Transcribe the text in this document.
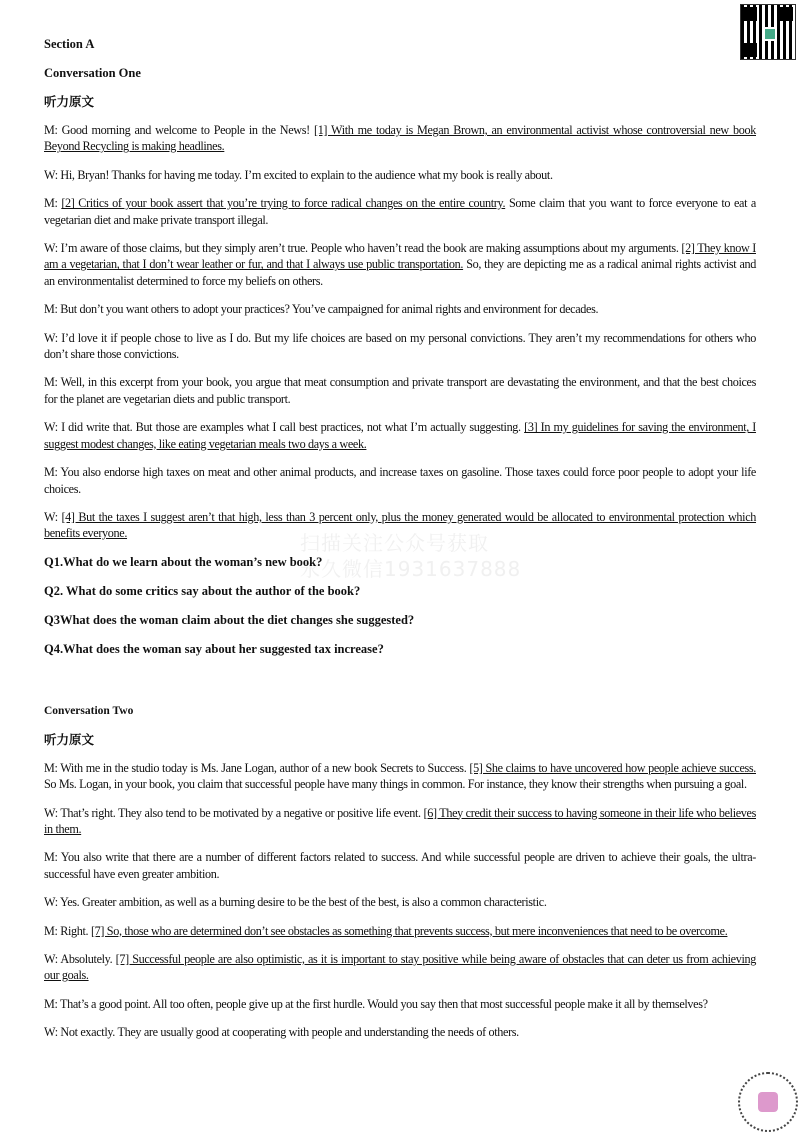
扫描关注公众号获取
永久微信1931637888

Section A

Conversation One

听力原文

M: Good morning and welcome to People in the News! [1] With me today is Megan Brown, an environmental activist whose controversial new book Beyond Recycling is making headlines.

W: Hi, Bryan! Thanks for having me today. I’m excited to explain to the audience what my book is really about.

M: [2] Critics of your book assert that you’re trying to force radical changes on the entire country. Some claim that you want to force everyone to eat a vegetarian diet and make private transport illegal.

W: I’m aware of those claims, but they simply aren’t true. People who haven’t read the book are making assumptions about my arguments. [2] They know I am a vegetarian, that I don’t wear leather or fur, and that I always use public transportation. So, they are depicting me as a radical animal rights activist and an environmentalist determined to force my beliefs on others.

M: But don’t you want others to adopt your practices? You’ve campaigned for animal rights and environment for decades.

W: I’d love it if people chose to live as I do. But my life choices are based on my personal convictions. They aren’t my recommendations for others who don’t share those convictions.

M: Well, in this excerpt from your book, you argue that meat consumption and private transport are devastating the environment, and that the best choices for the planet are vegetarian diets and public transport.

W: I did write that. But those are examples what I call best practices, not what I’m actually suggesting. [3] In my guidelines for saving the environment, I suggest modest changes, like eating vegetarian meals two days a week.

M: You also endorse high taxes on meat and other animal products, and increase taxes on gasoline. Those taxes could force poor people to adopt your life choices.

W: [4] But the taxes I suggest aren’t that high, less than 3 percent only, plus the money generated would be allocated to environmental protection which benefits everyone.

Q1.What do we learn about the woman’s new book?

Q2. What do some critics say about the author of the book?

Q3What does the woman claim about the diet changes she suggested?

Q4.What does the woman say about her suggested tax increase?

Conversation Two

听力原文

M: With me in the studio today is Ms. Jane Logan, author of a new book Secrets to Success. [5] She claims to have uncovered how people achieve success. So Ms. Logan, in your book, you claim that successful people have many things in common. For instance, they know their strengths when pursuing a goal.

W: That’s right. They also tend to be motivated by a negative or positive life event. [6] They credit their success to having someone in their life who believes in them.

M: You also write that there are a number of different factors related to success. And while successful people are driven to achieve their goals, the ultra-successful have even greater ambition.

W: Yes. Greater ambition, as well as a burning desire to be the best of the best, is also a common characteristic.

M: Right. [7] So, those who are determined don’t see obstacles as something that prevents success, but mere inconveniences that need to be overcome.

W: Absolutely. [7] Successful people are also optimistic, as it is important to stay positive while being aware of obstacles that can deter us from achieving our goals.

M: That’s a good point. All too often, people give up at the first hurdle. Would you say then that most successful people make it all by themselves?

W: Not exactly. They are usually good at cooperating with people and understanding the needs of others.
